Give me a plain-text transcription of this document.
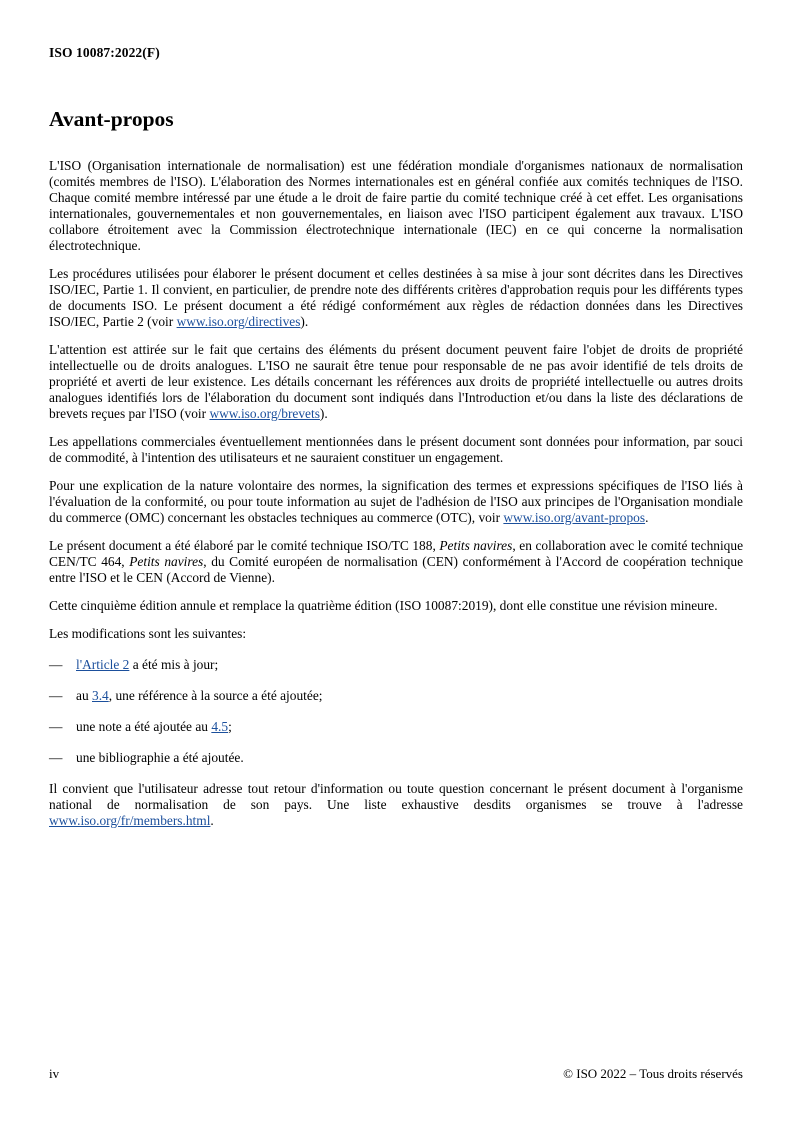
ISO 10087:2022(F)
Avant-propos

L'ISO (Organisation internationale de normalisation) est une fédération mondiale d'organismes nationaux de normalisation (comités membres de l'ISO). L'élaboration des Normes internationales est en général confiée aux comités techniques de l'ISO. Chaque comité membre intéressé par une étude a le droit de faire partie du comité technique créé à cet effet. Les organisations internationales, gouvernementales et non gouvernementales, en liaison avec l'ISO participent également aux travaux. L'ISO collabore étroitement avec la Commission électrotechnique internationale (IEC) en ce qui concerne la normalisation électrotechnique.

Les procédures utilisées pour élaborer le présent document et celles destinées à sa mise à jour sont décrites dans les Directives ISO/IEC, Partie 1. Il convient, en particulier, de prendre note des différents critères d'approbation requis pour les différents types de documents ISO. Le présent document a été rédigé conformément aux règles de rédaction données dans les Directives ISO/IEC, Partie 2 (voir www.iso.org/directives).

L'attention est attirée sur le fait que certains des éléments du présent document peuvent faire l'objet de droits de propriété intellectuelle ou de droits analogues. L'ISO ne saurait être tenue pour responsable de ne pas avoir identifié de tels droits de propriété et averti de leur existence. Les détails concernant les références aux droits de propriété intellectuelle ou autres droits analogues identifiés lors de l'élaboration du document sont indiqués dans l'Introduction et/ou dans la liste des déclarations de brevets reçues par l'ISO (voir www.iso.org/brevets).

Les appellations commerciales éventuellement mentionnées dans le présent document sont données pour information, par souci de commodité, à l'intention des utilisateurs et ne sauraient constituer un engagement.

Pour une explication de la nature volontaire des normes, la signification des termes et expressions spécifiques de l'ISO liés à l'évaluation de la conformité, ou pour toute information au sujet de l'adhésion de l'ISO aux principes de l'Organisation mondiale du commerce (OMC) concernant les obstacles techniques au commerce (OTC), voir www.iso.org/avant-propos.

Le présent document a été élaboré par le comité technique ISO/TC 188, Petits navires, en collaboration avec le comité technique CEN/TC 464, Petits navires, du Comité européen de normalisation (CEN) conformément à l'Accord de coopération technique entre l'ISO et le CEN (Accord de Vienne).

Cette cinquième édition annule et remplace la quatrième édition (ISO 10087:2019), dont elle constitue une révision mineure.

Les modifications sont les suivantes:

—	l'Article 2 a été mis à jour;
—	au 3.4, une référence à la source a été ajoutée;
—	une note a été ajoutée au 4.5;
—	une bibliographie a été ajoutée.

Il convient que l'utilisateur adresse tout retour d'information ou toute question concernant le présent document à l'organisme national de normalisation de son pays. Une liste exhaustive desdits organismes se trouve à l'adresse www.iso.org/fr/members.html.

iv	© ISO 2022 – Tous droits réservés
